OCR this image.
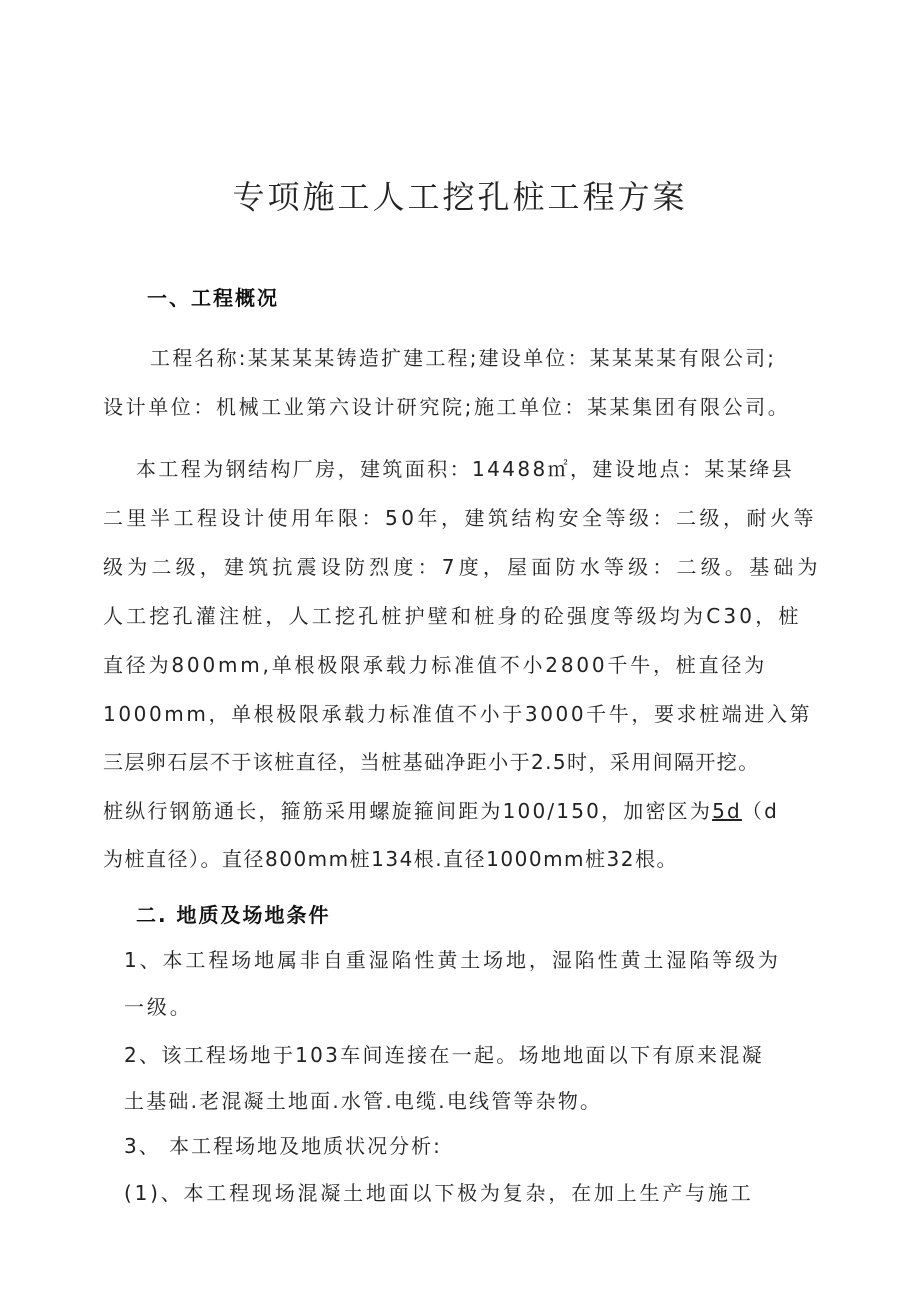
专项施工人工挖孔桩工程方案
一、工程概况

工程名称:某某某某铸造扩建工程;建设单位：某某某某有限公司;

设计单位：机械工业第六设计研究院;施工单位：某某集团有限公司。

本工程为钢结构厂房，建筑面积：14488㎡，建设地点：某某绛县

二里半工程设计使用年限：50年，建筑结构安全等级：二级，耐火等

级为二级，建筑抗震设防烈度：7度，屋面防水等级：二级。基础为

人工挖孔灌注桩，人工挖孔桩护壁和桩身的砼强度等级均为C30，桩

直径为800mm,单根极限承载力标准值不小2800千牛，桩直径为

1000mm，单根极限承载力标准值不小于3000千牛，要求桩端进入第

三层卵石层不于该桩直径，当桩基础净距小于2.5时，采用间隔开挖。

桩纵行钢筋通长，箍筋采用螺旋箍间距为100/150，加密区为5d（d

为桩直径）。直径800mm桩134根.直径1000mm桩32根。

二. 地质及场地条件

1、本工程场地属非自重湿陷性黄土场地，湿陷性黄土湿陷等级为

一级。

2、该工程场地于103车间连接在一起。场地地面以下有原来混凝

土基础.老混凝土地面.水管.电缆.电线管等杂物。

3、 本工程场地及地质状况分析:

(1)、本工程现场混凝土地面以下极为复杂，在加上生产与施工
